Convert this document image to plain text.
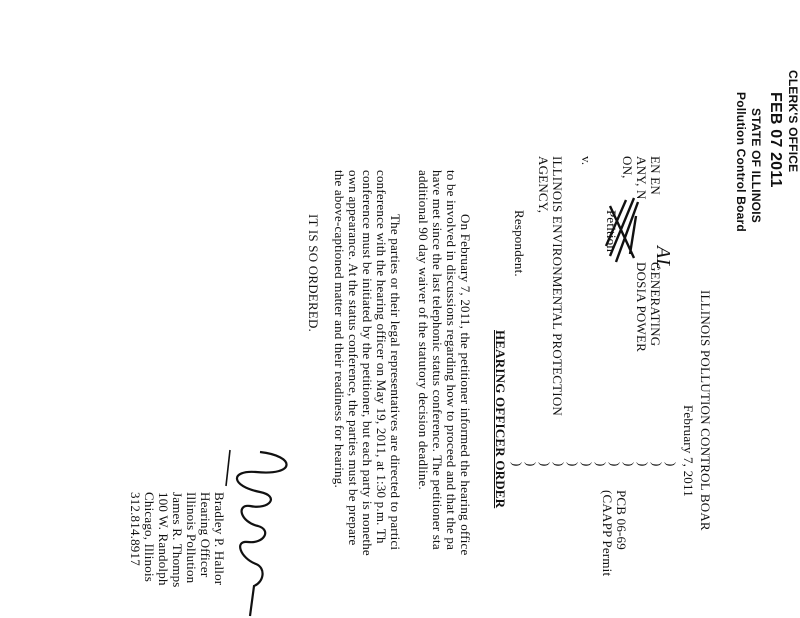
CLERK'S OFFICE
FEB 07 2011
STATE OF ILLINOIS
Pollution Control Board
ILLINOIS POLLUTION CONTROL BOAR
February 7, 2011
EN EN
ANY, N
ON,
GENERATING
DOSIA POWER
AL
Petition
v.
ILLINOIS ENVIRONMENTAL PROTECTION
AGENCY,
Respondent.
)
)
)
)
)
)
)
)
)
)
)
)
PCB 06-69
(CAAPP Permit
HEARING OFFICER ORDER
On February 7, 2011, the petitioner informed the hearing office
to be involved in discussions regarding how to proceed and that the pa
have met since the last telephonic status conference. The petitioner sta
additional 90 day waiver of the statutory decision deadline.
The parties or their legal representatives are directed to partici
conference with the hearing officer on May 19, 2011, at 1:30 p.m. Th
conference must be initiated by the petitioner, but each party is nonethe
own appearance. At the status conference, the parties must be prepare
the above-captioned matter and their readiness for hearing.
IT IS SO ORDERED.
Bradley P. Hallor
Hearing Officer
Illinois Pollution
James R. Thomps
100 W. Randolph
Chicago, Illinois
312.814.8917
